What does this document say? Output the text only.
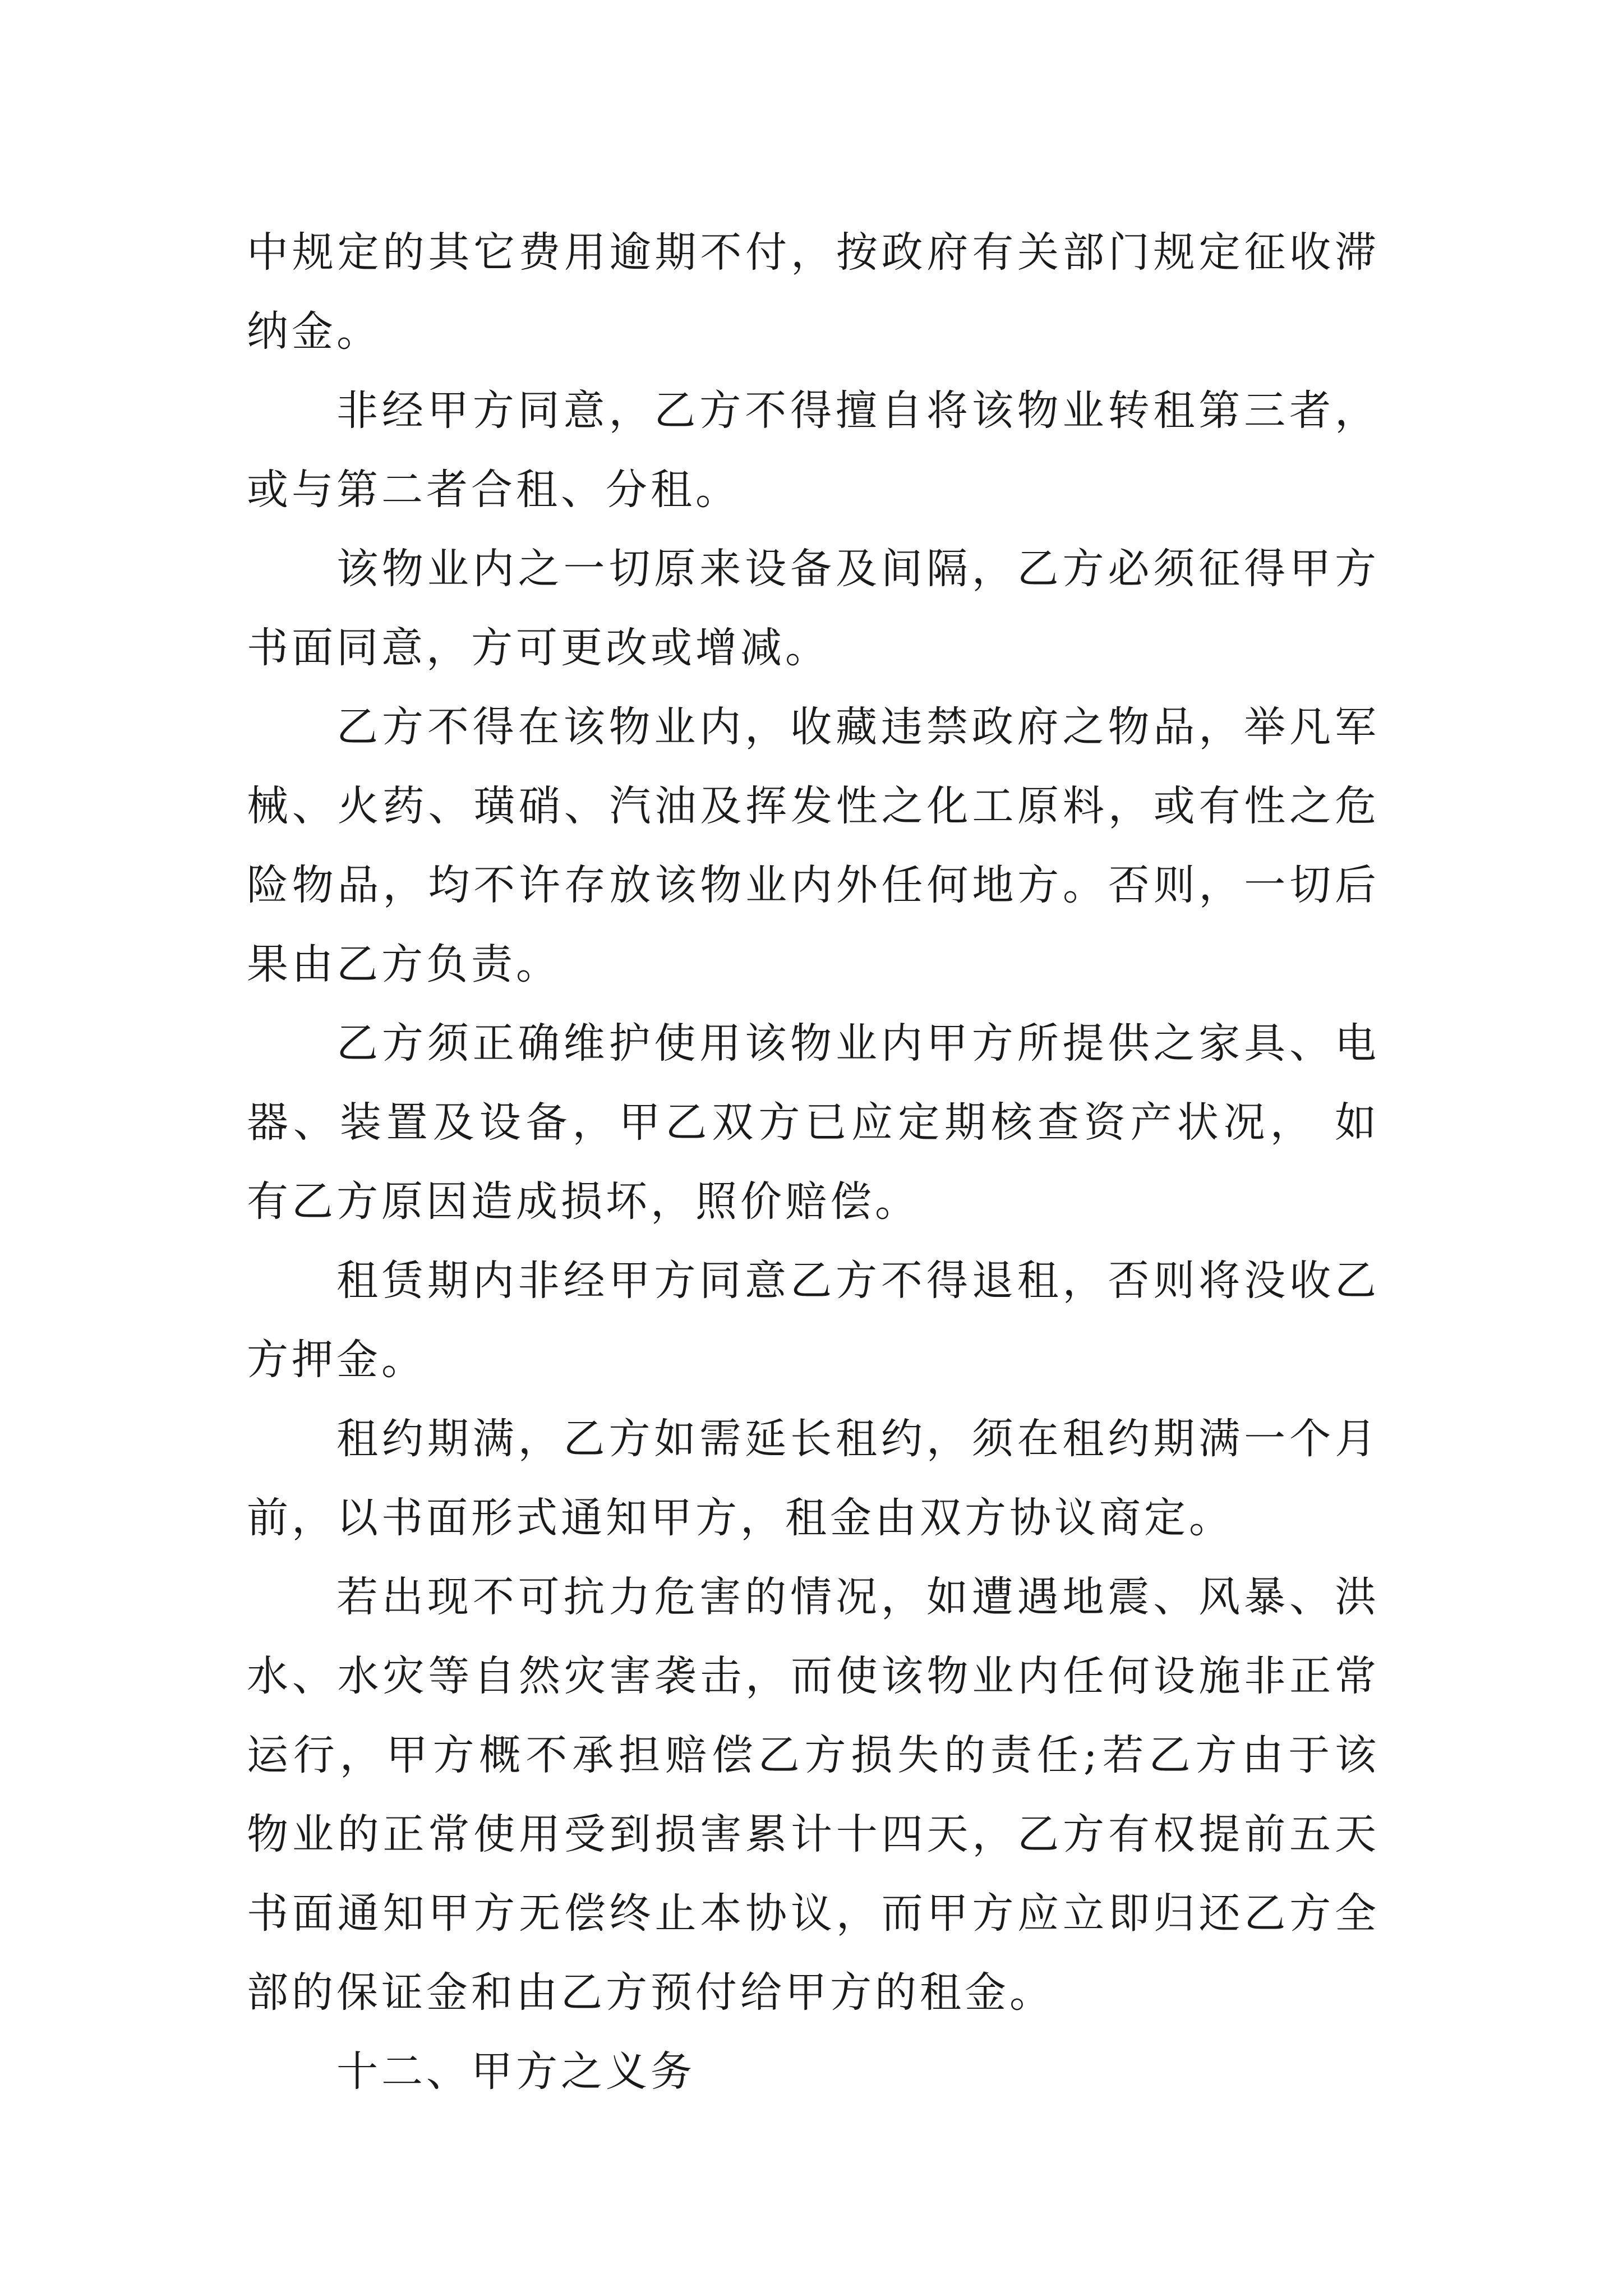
中规定的其它费用逾期不付，按政府有关部门规定征收滞纳金。

非经甲方同意，乙方不得擅自将该物业转租第三者，或与第二者合租、分租。

该物业内之一切原来设备及间隔，乙方必须征得甲方书面同意，方可更改或增减。

乙方不得在该物业内，收藏违禁政府之物品，举凡军械、火药、璜硝、汽油及挥发性之化工原料，或有性之危险物品，均不许存放该物业内外任何地方。否则，一切后果由乙方负责。

乙方须正确维护使用该物业内甲方所提供之家具、电器、装置及设备，甲乙双方已应定期核查资产状况， 如有乙方原因造成损坏，照价赔偿。

租赁期内非经甲方同意乙方不得退租，否则将没收乙方押金。

租约期满，乙方如需延长租约，须在租约期满一个月前，以书面形式通知甲方，租金由双方协议商定。

若出现不可抗力危害的情况，如遭遇地震、风暴、洪水、水灾等自然灾害袭击，而使该物业内任何设施非正常运行，甲方概不承担赔偿乙方损失的责任;若乙方由于该物业的正常使用受到损害累计十四天，乙方有权提前五天书面通知甲方无偿终止本协议，而甲方应立即归还乙方全部的保证金和由乙方预付给甲方的租金。

十二、甲方之义务
